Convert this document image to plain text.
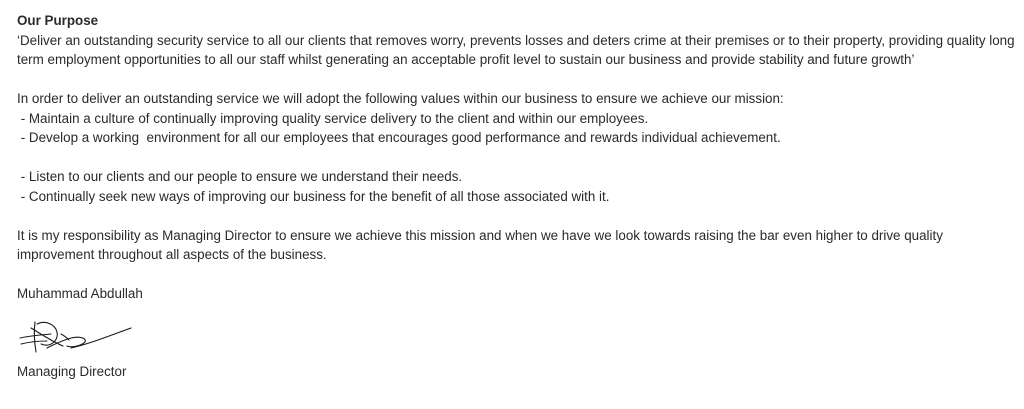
Our Purpose

‘Deliver an outstanding security service to all our clients that removes worry, prevents losses and deters crime at their premises or to their property, providing quality long term employment opportunities to all our staff whilst generating an acceptable profit level to sustain our business and provide stability and future growth’

In order to deliver an outstanding service we will adopt the following values within our business to ensure we achieve our mission:

- Maintain a culture of continually improving quality service delivery to the client and within our employees.

- Develop a working  environment for all our employees that encourages good performance and rewards individual achievement.

- Listen to our clients and our people to ensure we understand their needs.

- Continually seek new ways of improving our business for the benefit of all those associated with it.

It is my responsibility as Managing Director to ensure we achieve this mission and when we have we look towards raising the bar even higher to drive quality improvement throughout all aspects of the business.

Muhammad Abdullah

Managing Director
